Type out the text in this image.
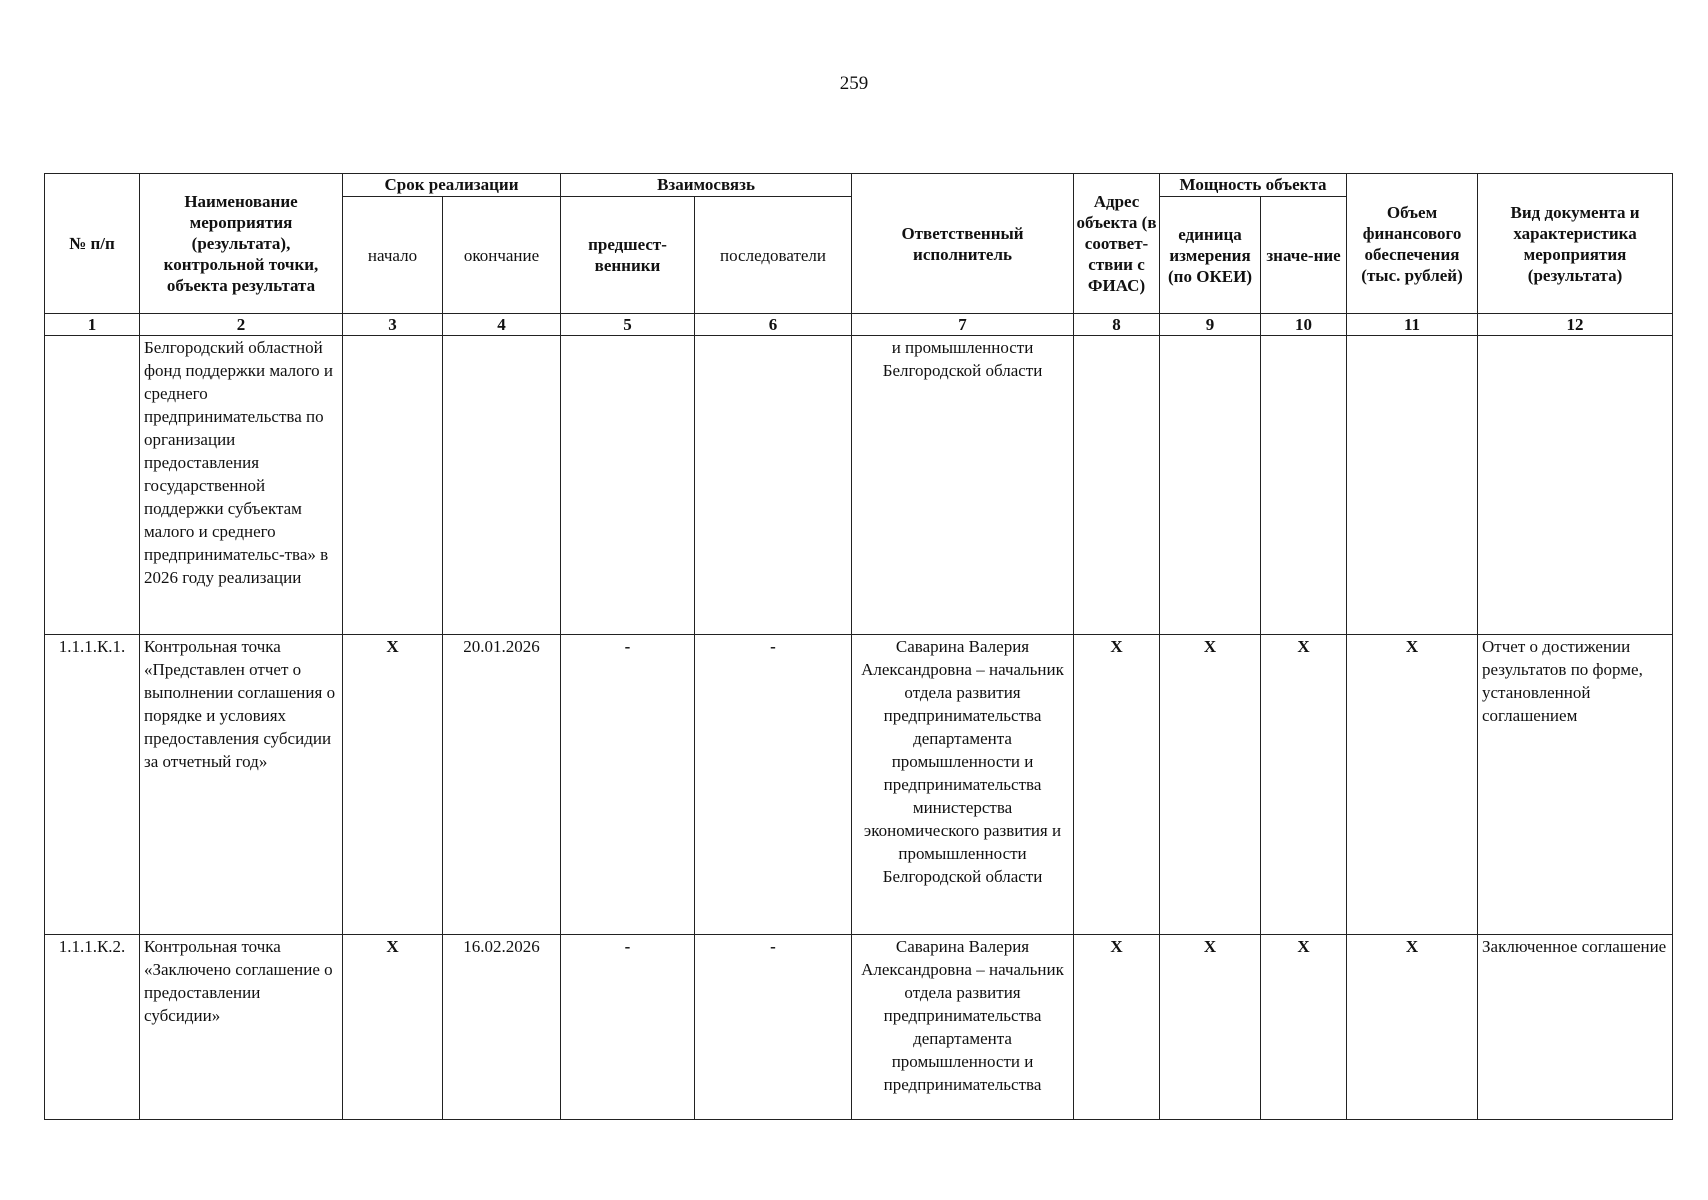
259
№ п/п	Наименование мероприятия (результата), контрольной точки, объекта результата	Срок реализации		Взаимосвязь		Ответственный исполнитель	Адрес объекта (в соответ-ствии с ФИАС)	Мощность объекта		Объем финансового обеспечения (тыс. рублей)	Вид документа и характеристика мероприятия (результата)
		начало	окончание	предшест-венники	последователи			единица измерения (по ОКЕИ)	значе-ние		
1	2	3	4	5	6	7	8	9	10	11	12
	Белгородский областной фонд поддержки малого и среднего предпринимательства по организации предоставления государственной поддержки субъектам малого и среднего предпринимательс-тва» в 2026 году реализации					и промышленности Белгородской области					
1.1.1.К.1.	Контрольная точка «Представлен отчет о выполнении соглашения о порядке и условиях предоставления субсидии за отчетный год»	X	20.01.2026	-	-	Саварина Валерия Александровна – начальник отдела развития предпринимательства департамента промышленности и предпринимательства министерства экономического развития и промышленности Белгородской области	X	X	X	X	Отчет о достижении результатов по форме, установленной соглашением
1.1.1.К.2.	Контрольная точка «Заключено соглашение о предоставлении субсидии»	X	16.02.2026	-	-	Саварина Валерия Александровна – начальник отдела развития предпринимательства департамента промышленности и предпринимательства	X	X	X	X	Заключенное соглашение
